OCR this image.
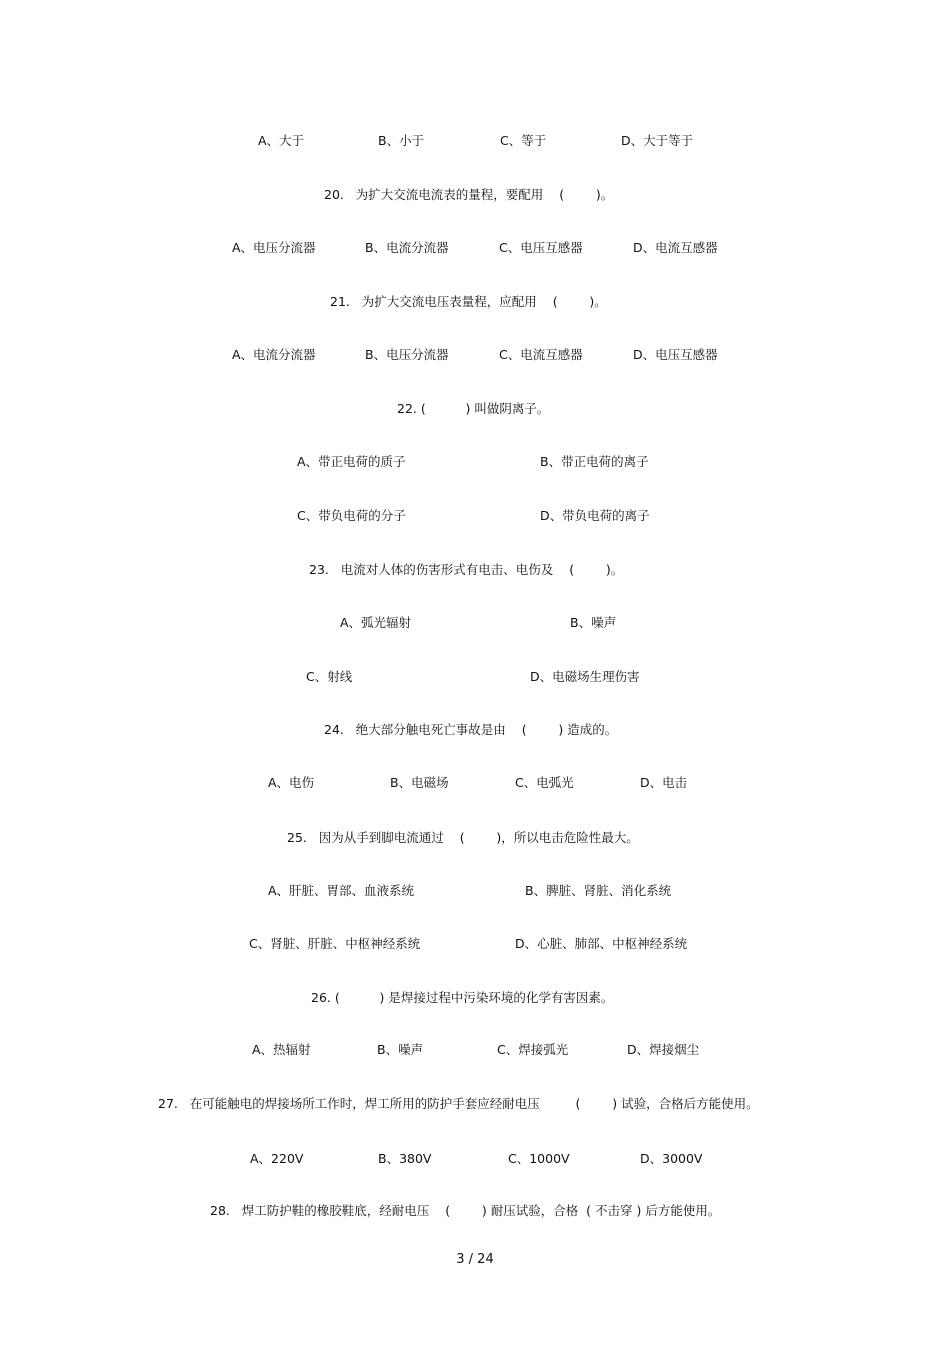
A、大于	B、小于	C、等于	D、大于等于
20.   为扩大交流电流表的量程，要配用    (        )。
A、电压分流器	B、电流分流器	C、电压互感器	D、电流互感器
21.   为扩大交流电压表量程，应配用    (        )。
A、电流分流器	B、电压分流器	C、电流互感器	D、电压互感器
22. (          ) 叫做阴离子。
A、带正电荷的质子	B、带正电荷的离子
C、带负电荷的分子	D、带负电荷的离子
23.   电流对人体的伤害形式有电击、电伤及    (        )。
A、弧光辐射	B、噪声
C、射线	D、电磁场生理伤害
24.   绝大部分触电死亡事故是由    (        ) 造成的。
A、电伤	B、电磁场	C、电弧光	D、电击
25.   因为从手到脚电流通过    (        )，所以电击危险性最大。
A、肝脏、胃部、血液系统	B、脾脏、肾脏、消化系统
C、肾脏、肝脏、中枢神经系统	D、心脏、肺部、中枢神经系统
26. (          ) 是焊接过程中污染环境的化学有害因素。
A、热辐射	B、噪声	C、焊接弧光	D、焊接烟尘
27.   在可能触电的焊接场所工作时，焊工所用的防护手套应经耐电压         (        ) 试验，合格后方能使用。
A、220V	B、380V	C、1000V	D、3000V
28.   焊工防护鞋的橡胶鞋底，经耐电压    (        ) 耐压试验，合格  ( 不击穿 ) 后方能使用。
3 / 24
